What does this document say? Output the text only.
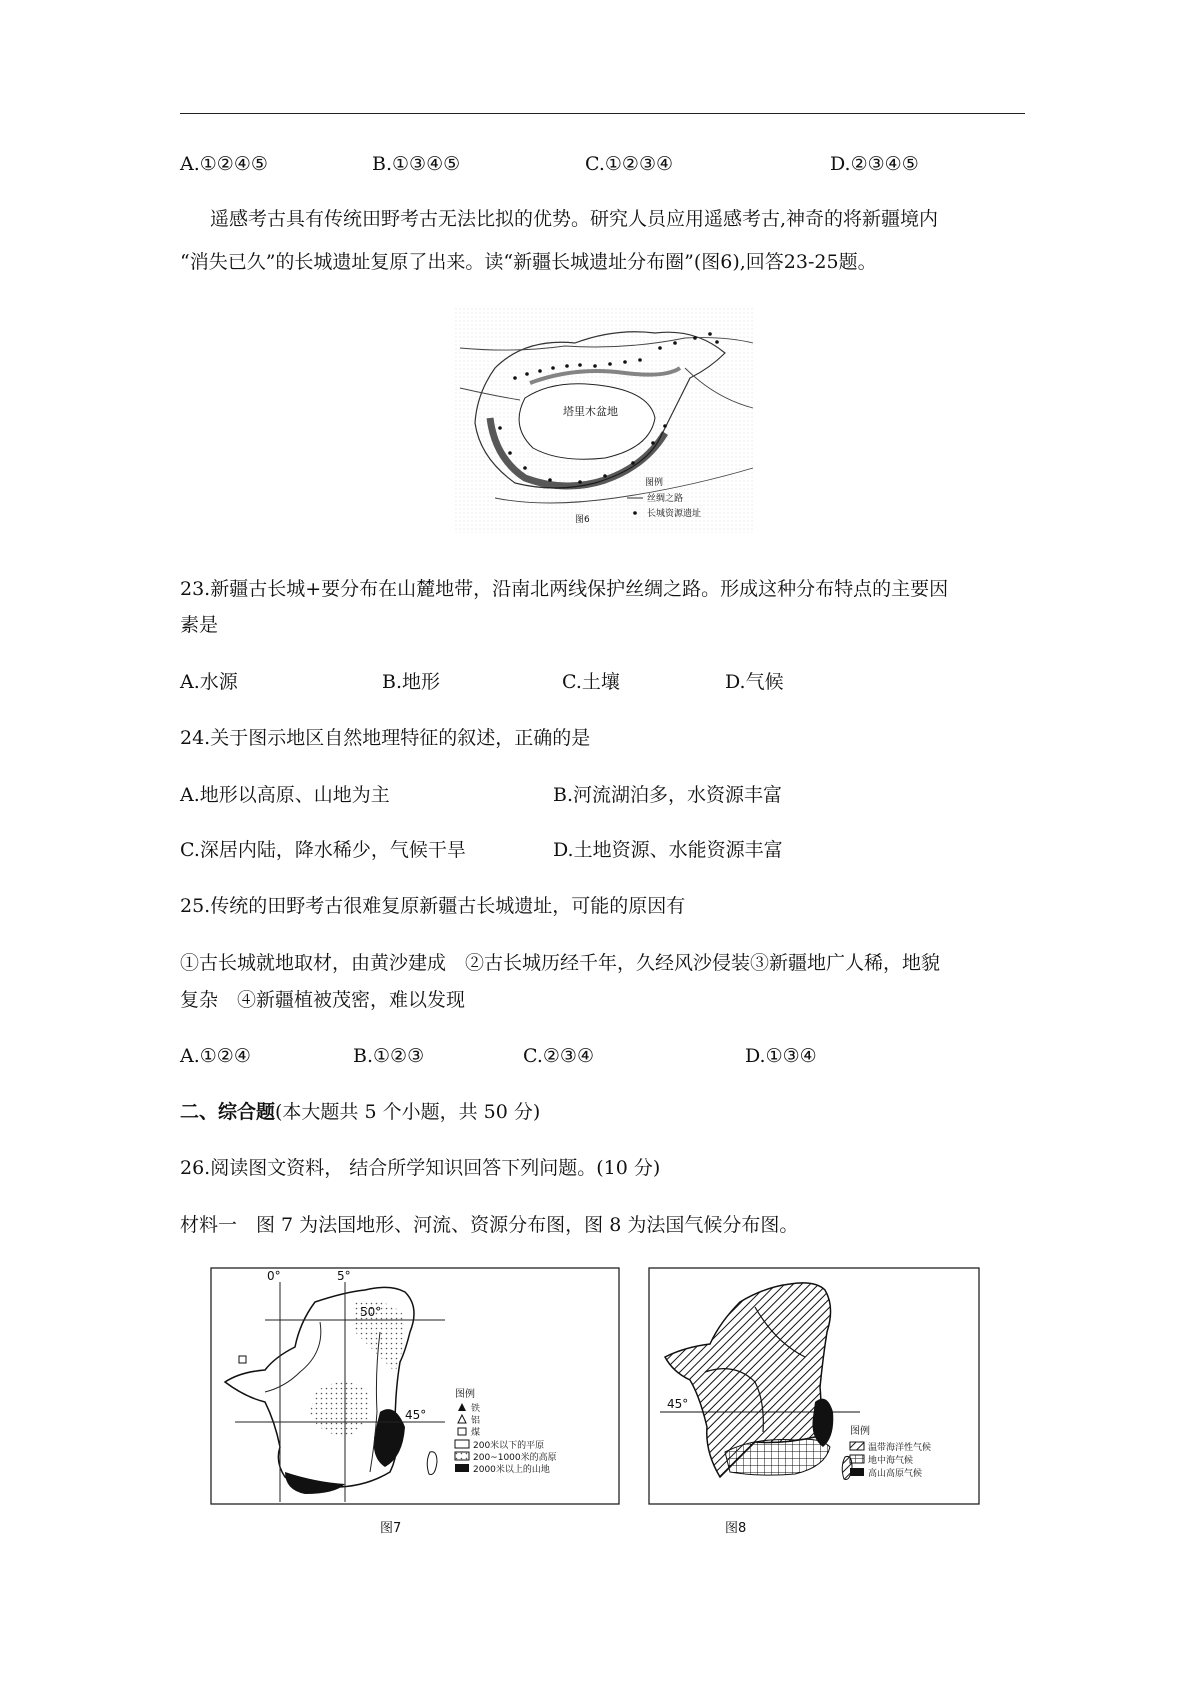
A.①②④⑤	B.①③④⑤	C.①②③④	D.②③④⑤
遥感考古具有传统田野考古无法比拟的优势。研究人员应用遥感考古,神奇的将新疆境内
“消失已久”的长城遗址复原了出来。读“新疆长城遗址分布圈”(图6),回答23-25题。
塔里木盆地
图例
丝绸之路
长城资源遗址
图6
23.新疆古长城+要分布在山麓地带，沿南北两线保护丝绸之路。形成这种分布特点的主要因
素是
A.水源	B.地形	C.土壤	D.气候
24.关于图示地区自然地理特征的叙述，正确的是
A.地形以高原、山地为主	B.河流湖泊多，水资源丰富
C.深居内陆，降水稀少，气候干旱	D.土地资源、水能资源丰富
25.传统的田野考古很难复原新疆古长城遗址，可能的原因有
①古长城就地取材，由黄沙建成　②古长城历经千年，久经风沙侵装③新疆地广人稀，地貌
复杂　④新疆植被茂密，难以发现
A.①②④	B.①②③	C.②③④	D.①③④
二、综合题(本大题共 5 个小题，共 50 分)
26.阅读图文资料， 结合所学知识回答下列问题。(10 分)
材料一　图 7 为法国地形、河流、资源分布图，图 8 为法国气候分布图。
0°	5°
50°
45°
图例
铁
铝
煤
200米以下的平原
200~1000米的高原
2000米以上的山地
图7
45°
图例
温带海洋性气候
地中海气候
高山高原气候
图8
